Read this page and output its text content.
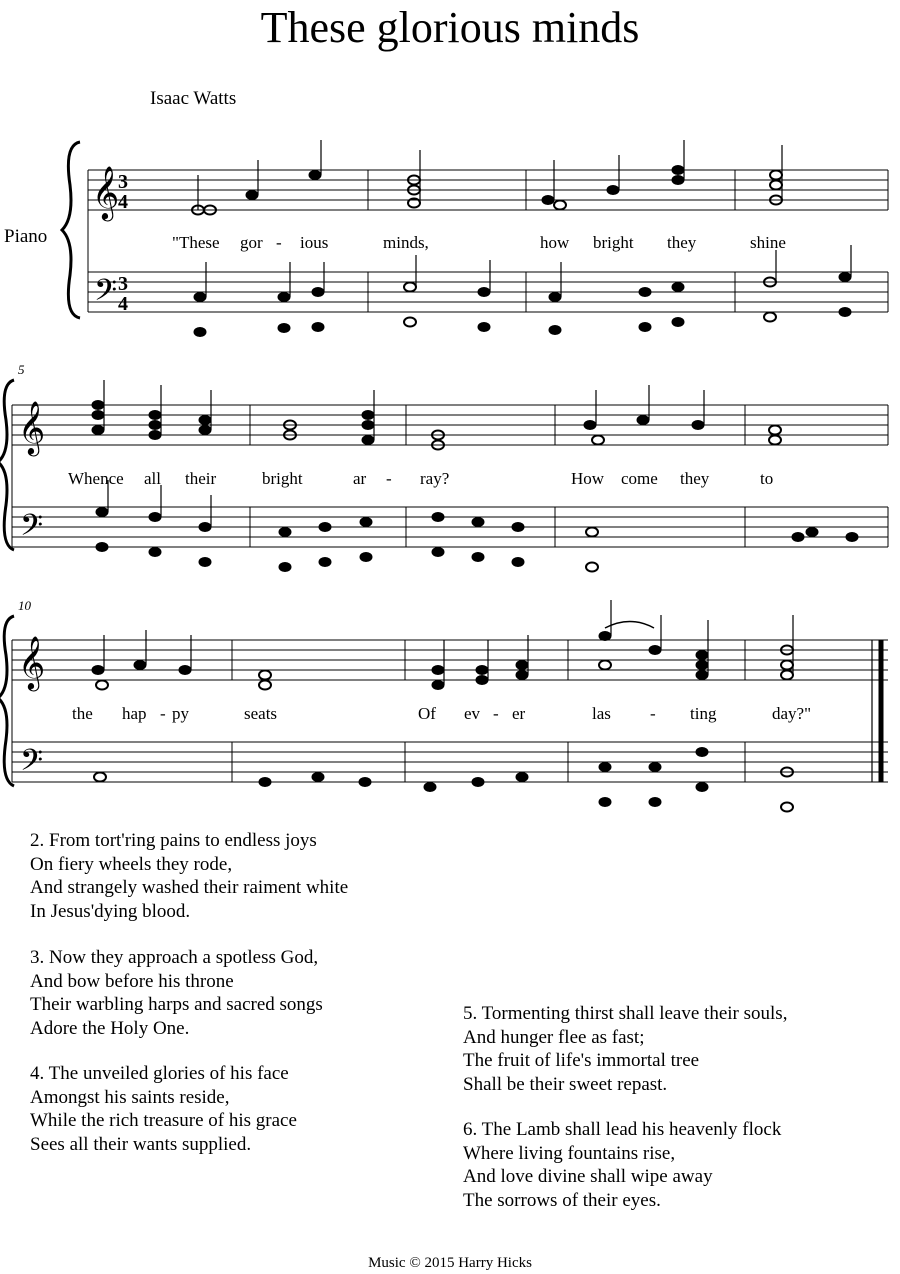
These glorious minds
Isaac Watts
Piano
5
10
𝄞
𝄢
3
4
3
4
𝄞
𝄢
𝄞
𝄢
"These gor - ious	minds,	how bright they	shine
Whence all their	bright	ar - ray?	How come they	to
the hap - py	seats	Of ev - er	las - ting	day?"
2. From tort'ring pains to endless joys
On fiery wheels they rode,
And strangely washed their raiment white
In Jesus'dying blood.
3. Now they approach a spotless God,
And bow before his throne
Their warbling harps and sacred songs
Adore the Holy One.
4. The unveiled glories of his face
Amongst his saints reside,
While the rich treasure of his grace
Sees all their wants supplied.
5. Tormenting thirst shall leave their souls,
And hunger flee as fast;
The fruit of life's immortal tree
Shall be their sweet repast.
6. The Lamb shall lead his heavenly flock
Where living fountains rise,
And love divine shall wipe away
The sorrows of their eyes.
Music © 2015 Harry Hicks
